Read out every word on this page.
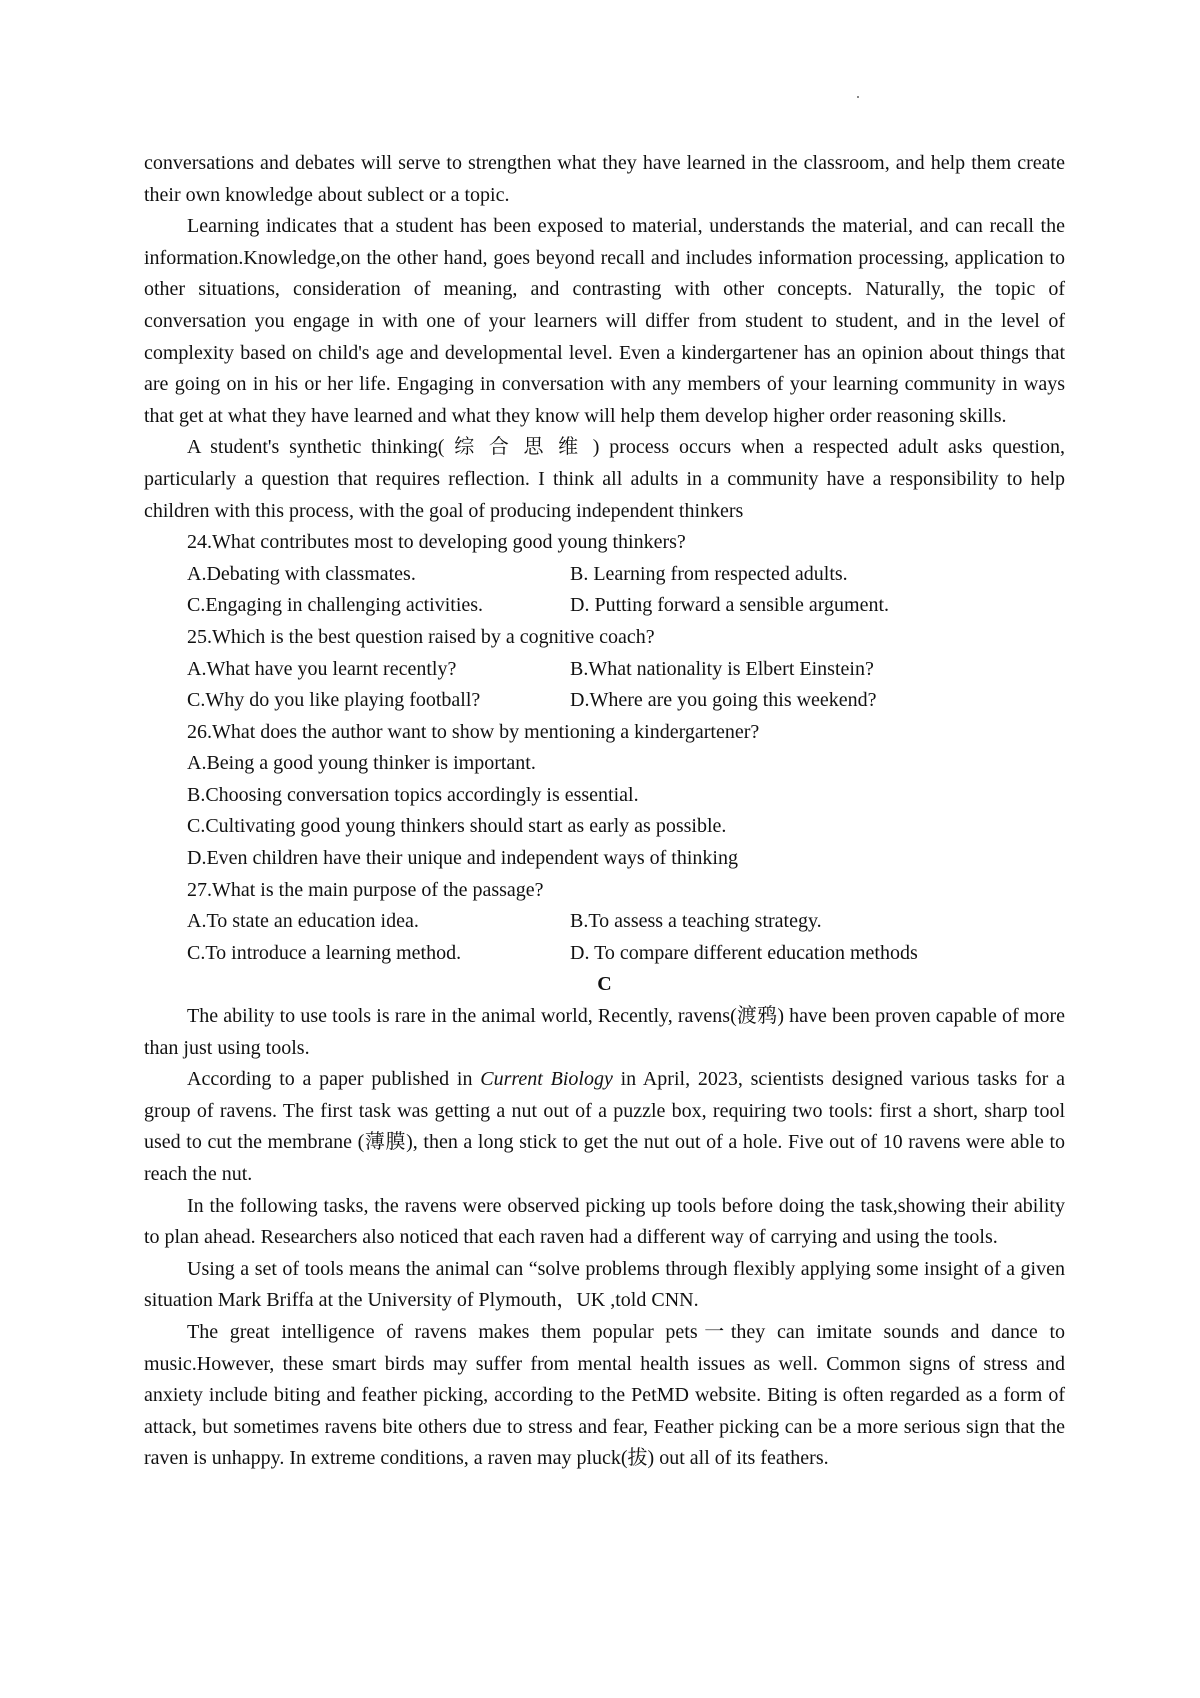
conversations and debates will serve to strengthen what they have learned in the classroom, and help them create their own knowledge about sublect or a topic.

Learning indicates that a student has been exposed to material, understands the material, and can recall the information.Knowledge,on the other hand, goes beyond recall and includes information processing, application to other situations, consideration of meaning, and contrasting with other concepts. Naturally, the topic of conversation you engage in with one of your learners will differ from student to student, and in the level of complexity based on child's age and developmental level. Even a kindergartener has an opinion about things that are going on in his or her life. Engaging in conversation with any members of your learning community in ways that get at what they have learned and what they know will help them develop higher order reasoning skills.

A student's synthetic thinking( 综 合 思 维 ) process occurs when a respected adult asks question, particularly a question that requires reflection. I think all adults in a community have a responsibility to help children with this process, with the goal of producing independent thinkers

24.What contributes most to developing good young thinkers?

A.Debating with classmates.	B. Learning from respected adults.
C.Engaging in challenging activities.	D. Putting forward a sensible argument.

25.Which is the best question raised by a cognitive coach?

A.What have you learnt recently?	B.What nationality is Elbert Einstein?
C.Why do you like playing football?	D.Where are you going this weekend?

26.What does the author want to show by mentioning a kindergartener?

A.Being a good young thinker is important.

B.Choosing conversation topics accordingly is essential.

C.Cultivating good young thinkers should start as early as possible.

D.Even children have their unique and independent ways of thinking

27.What is the main purpose of the passage?

A.To state an education idea.	B.To assess a teaching strategy.
C.To introduce a learning method.	D. To compare different education methods

C

The ability to use tools is rare in the animal world, Recently, ravens(渡鸦) have been proven capable of more than just using tools.

According to a paper published in Current Biology in April, 2023, scientists designed various tasks for a group of ravens. The first task was getting a nut out of a puzzle box, requiring two tools: first a short, sharp tool used to cut the membrane (薄膜), then a long stick to get the nut out of a hole. Five out of 10 ravens were able to reach the nut.

In the following tasks, the ravens were observed picking up tools before doing the task,showing their ability to plan ahead. Researchers also noticed that each raven had a different way of carrying and using the tools.

Using a set of tools means the animal can “solve problems through flexibly applying some insight of a given situation Mark Briffa at the University of Plymouth，UK ,told CNN.

The great intelligence of ravens makes them popular pets一they can imitate sounds and dance to music.However, these smart birds may suffer from mental health issues as well. Common signs of stress and anxiety include biting and feather picking, according to the PetMD website. Biting is often regarded as a form of attack, but sometimes ravens bite others due to stress and fear, Feather picking can be a more serious sign that the raven is unhappy. In extreme conditions, a raven may pluck(拔) out all of its feathers.
